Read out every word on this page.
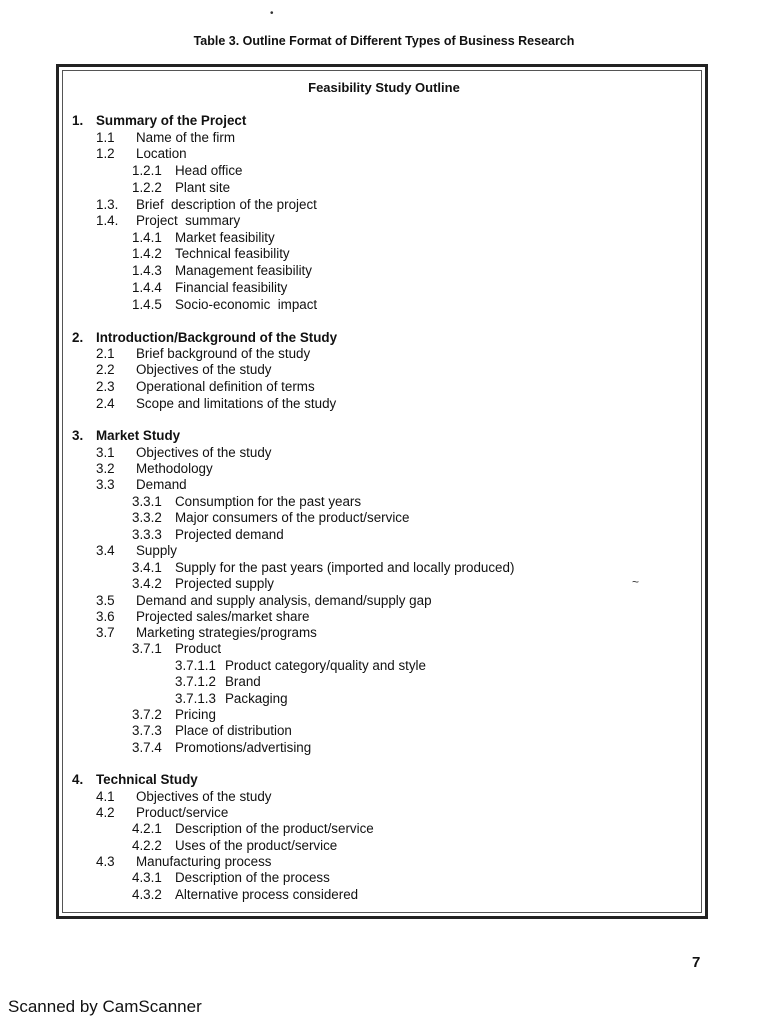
Table 3. Outline Format of Different Types of Business Research
Feasibility Study Outline
1. Summary of the Project
1.1 Name of the firm
1.2 Location
1.2.1 Head office
1.2.2 Plant site
1.3. Brief  description of the project
1.4. Project  summary
1.4.1 Market feasibility
1.4.2 Technical feasibility
1.4.3 Management feasibility
1.4.4 Financial feasibility
1.4.5 Socio-economic  impact
2. Introduction/Background of the Study
2.1 Brief background of the study
2.2 Objectives of the study
2.3 Operational definition of terms
2.4 Scope and limitations of the study
3. Market Study
3.1 Objectives of the study
3.2 Methodology
3.3 Demand
3.3.1 Consumption for the past years
3.3.2 Major consumers of the product/service
3.3.3 Projected demand
3.4 Supply
3.4.1 Supply for the past years (imported and locally produced)
3.4.2 Projected supply
3.5 Demand and supply analysis, demand/supply gap
3.6 Projected sales/market share
3.7 Marketing strategies/programs
3.7.1 Product
3.7.1.1 Product category/quality and style
3.7.1.2 Brand
3.7.1.3 Packaging
3.7.2 Pricing
3.7.3 Place of distribution
3.7.4 Promotions/advertising
4. Technical Study
4.1 Objectives of the study
4.2 Product/service
4.2.1 Description of the product/service
4.2.2 Uses of the product/service
4.3 Manufacturing process
4.3.1 Description of the process
4.3.2 Alternative process considered
•
~
7
Scanned by CamScanner
